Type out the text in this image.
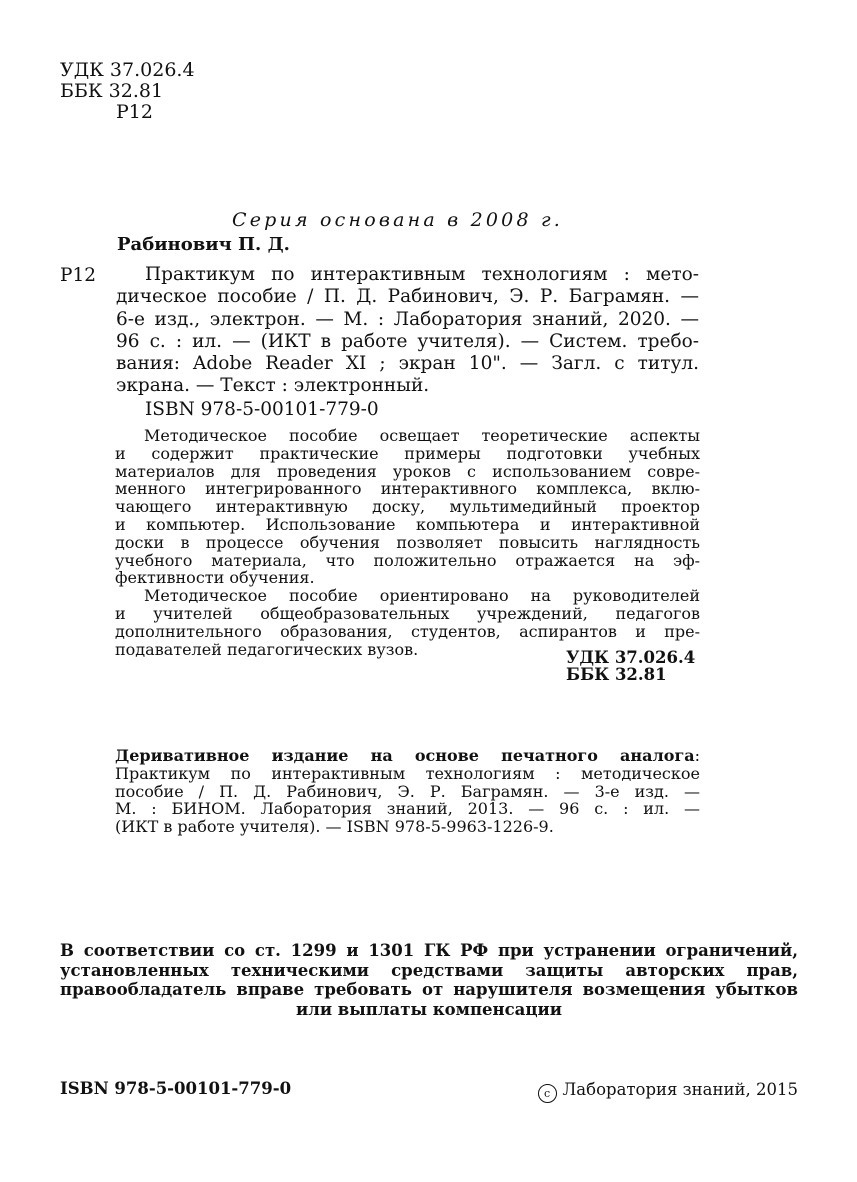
УДК 37.026.4
ББК 32.81
Р12
Серия основана в 2008 г.
Рабинович П. Д.
Р12	Практикум по интерактивным технологиям : мето-
дическое пособие / П. Д. Рабинович, Э. Р. Баграмян. —
6-е изд., электрон. — М. : Лаборатория знаний, 2020. —
96 с. : ил. — (ИКТ в работе учителя). — Систем. требо-
вания: Adobe Reader XI ; экран 10". — Загл. с титул.
экрана. — Текст : электронный.
ISBN 978-5-00101-779-0
Методическое пособие освещает теоретические аспекты
и содержит практические примеры подготовки учебных
материалов для проведения уроков с использованием совре-
менного интегрированного интерактивного комплекса, вклю-
чающего интерактивную доску, мультимедийный проектор
и компьютер. Использование компьютера и интерактивной
доски в процессе обучения позволяет повысить наглядность
учебного материала, что положительно отражается на эф-
фективности обучения.
Методическое пособие ориентировано на руководителей
и учителей общеобразовательных учреждений, педагогов
дополнительного образования, студентов, аспирантов и пре-
подавателей педагогических вузов.	УДК 37.026.4
ББК 32.81
Деривативное издание на основе печатного аналога:
Практикум по интерактивным технологиям : методическое
пособие / П. Д. Рабинович, Э. Р. Баграмян. — 3-е изд. —
М. : БИНОМ. Лаборатория знаний, 2013. — 96 с. : ил. —
(ИКТ в работе учителя). — ISBN 978-5-9963-1226-9.
В соответствии со ст. 1299 и 1301 ГК РФ при устранении ограничений,
установленных техническими средствами защиты авторских прав,
правообладатель вправе требовать от нарушителя возмещения убытков
или выплаты компенсации
ISBN 978-5-00101-779-0	c Лаборатория знаний, 2015
